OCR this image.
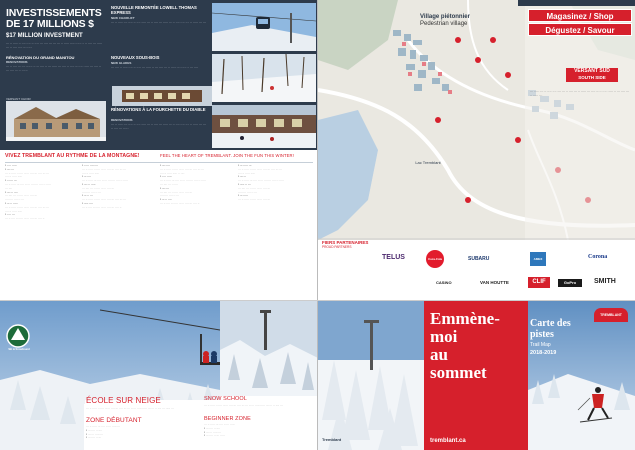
INVESTISSEMENTS DE 17 MILLIONS $
$17 MILLION INVESTMENT
··· ·· ····· ·· ···· ··· ·· ···· ··· ···· ··· ··· ··· ·· ····· ····· ···· ·· ·· ···· ··· ····· ··· ·· ···· ···· ··· ····
RÉNOVATION DU GRAND MANITOU
RENOVATIONS
··· ·· ···· ··· ··· ····· ·· ··· ···· ·· ··· ····· ··· ···· ·· ···· ··· ··· ····· ··· ···· ·· ··· ···· ··· ·· ·····
VERSANT CHOIR
NOUVELLE REMONTÉE LOWELL THOMAS EXPRESS
NEW CHAIRLIFT
··· ·· ····· ··· ···· ·· ··· ····· ··· ·· ···· ··· ····· ··· ·· ···· ··· ··· ·· ····· ··· ···
NOUVEAUX SOUS-BOIS
NEW GLADES
··· ···· ·· ····· ··· ·· ···· ··· ····· ·· ··· ···· ··· ·· ····· ··· ···· ·· ··· ····
RÉNOVATIONS À LA FOURCHETTE DU DIABLE
RENOVATIONS
··· ·· ····· ··· ···· ·· ··· ····· ··· ·· ···· ··· ····· ··· ·· ···· ··· ··· ·· ····· ··· ··· ·· ···· ··· ·····
Village piétonnier
Pedestrian village
Magasinez / Shop
Dégustez / Savour
VERSANT SUD
SOUTH SIDE
Lac Tremblant
··· ····· ··· ·· ···· ··· ···· ··· ·· ···· ··· ·· ····· ··· ···· ··· ·· ··· ····· ·· ··· ···· ··· ·· ····· ···
VIVEZ TREMBLANT AU RYTHME DE LA MONTAGNE!	FEEL THE HEART OF TREMBLANT. JOIN THE FUN THIS WINTER!
▪ ·· ·· ·····
▪ ···· ···
··· ·· ····· ·· ···· ··· ·· ···· ··· ···· ··· ···
···· ·· ····· ·····
▪ ·· ···· ···
··· ·· ····· ··· ···· ··· ·· ···· ··· ···· ·· ·····
··· ····
▪ ···· ·· ····
··· ···· ··· ·· ···· ··· ·· ···· ···
····· ··· ···· ·· ···
▪ ··· ·· ·····
··· ·· ····· ·· ···· ··· ·· ···· ··· ···· ··· ···
···· ·· ····· ·····
▪ ·· ·· ···
··· ·· ···· ··· ···· ··· ·· ···· ··· ···· ··
▪ ·· ··· ····· ···
··· ·· ····· ·· ···· ··· ·· ···· ··· ···· ··· ···
···· ·· ····· ·····
▪ ··· ····
··· ·· ····· ··· ···· ··· ·· ···· ··· ···· ·· ·····
▪ ···· ·· ·····
··· ···· ··· ·· ···· ··· ·· ···· ···
····· ··· ···· ·· ···
▪ ··· ·· ···
··· ·· ····· ·· ···· ··· ·· ···· ··· ···· ··· ···
▪ ····· ····
··· ·· ···· ··· ···· ··· ·· ···· ··· ···· ··
▪ ···· ····
··· ·· ····· ·· ···· ··· ·· ···· ··· ···· ··· ···
···· ·· ····· ····· ·· ····
▪ ·· ·· ·····
··· ·· ····· ··· ···· ··· ·· ···· ··· ···· ·· ·····
··· ···· ··· ·· ····
▪ ···· ···
··· ···· ··· ·· ···· ··· ·· ···· ···
····· ··· ···· ·· ···
▪ ··· ·· ····
··· ·· ···· ··· ···· ··· ·· ···· ··· ···· ··
▪ ··· ····· ···
··· ·· ····· ·· ···· ··· ·· ···· ··· ···· ··· ···
···· ·· ····· ·····
▪ ···· ··
··· ·· ····· ··· ···· ··· ·· ···· ··· ···· ·· ·····
▪ ····· ·· ···
··· ···· ··· ·· ···· ··· ·· ···· ···
····· ··· ···· ·· ···
▪ ··· ·····
··· ·· ····· ·· ···· ··· ·· ···· ···
FIERS PARTENAIRES
PROUD PARTNERS
TELUS	Coca-Cola	SUBARU	AMEX	Corona
CASINO	VAN HOUTTE	CLIF	GoPro	SMITH
Ski & Snowboard
ÉCOLE SUR NEIGE
··· ·· ····· ·· ···· ··· ·· ···· ··· ···· ··· ··· ··· ·· ····· ····· ···· ·· ·· ···· ··· ····· ···
ZONE DÉBUTANT
··· ·· ····· ··· ···· ·· ··· ····· ···
▪ ··· ···· ·· ····
▪ ···· ·· ····· ···
▪ ··· ···· ·· ···
SNOW SCHOOL
··· ·· ····· ·· ···· ··· ·· ···· ··· ···· ··· ··· ··· ·· ····· ····· ···· ·· ·· ···· ···
BEGINNER ZONE
··· ·· ····· ··· ···· ·· ··· ·····
▪ ··· ···· ·· ····
▪ ···· ·· ····· ···
▪ ··· ···· ·· ··· ·····
Tremblant
Emmène-
moi
au
sommet
tremblant.ca
Carte des pistes
Trail Map
2018-2019
TREMBLANT
